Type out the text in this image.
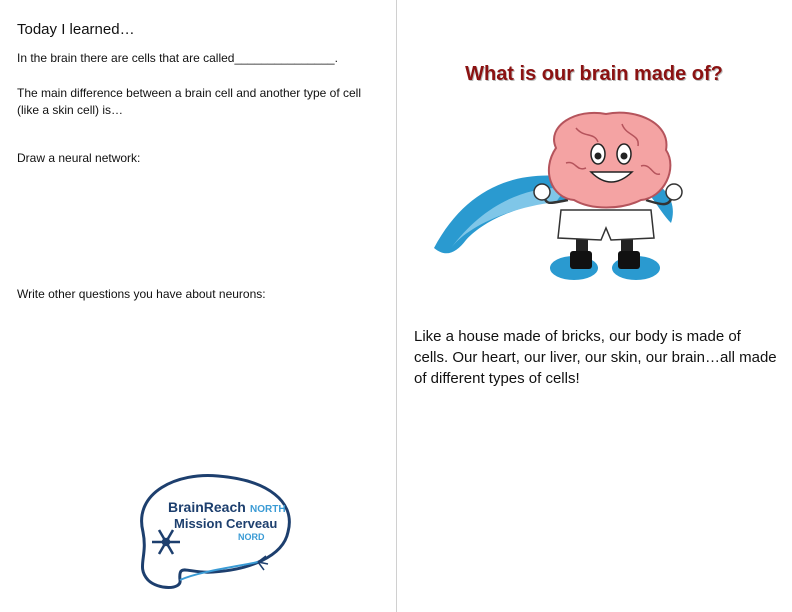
Today I learned…

In the brain there are cells that are called_______________.

The main difference between a brain cell and another type of cell (like a skin cell) is…

Draw a neural network:

Write other questions you have about neurons:

What is our brain made of?

Like a house made of bricks, our body is made of cells. Our heart, our liver, our skin, our brain…all made of different types of cells!

BrainReach NORTH
Mission Cerveau
NORD
